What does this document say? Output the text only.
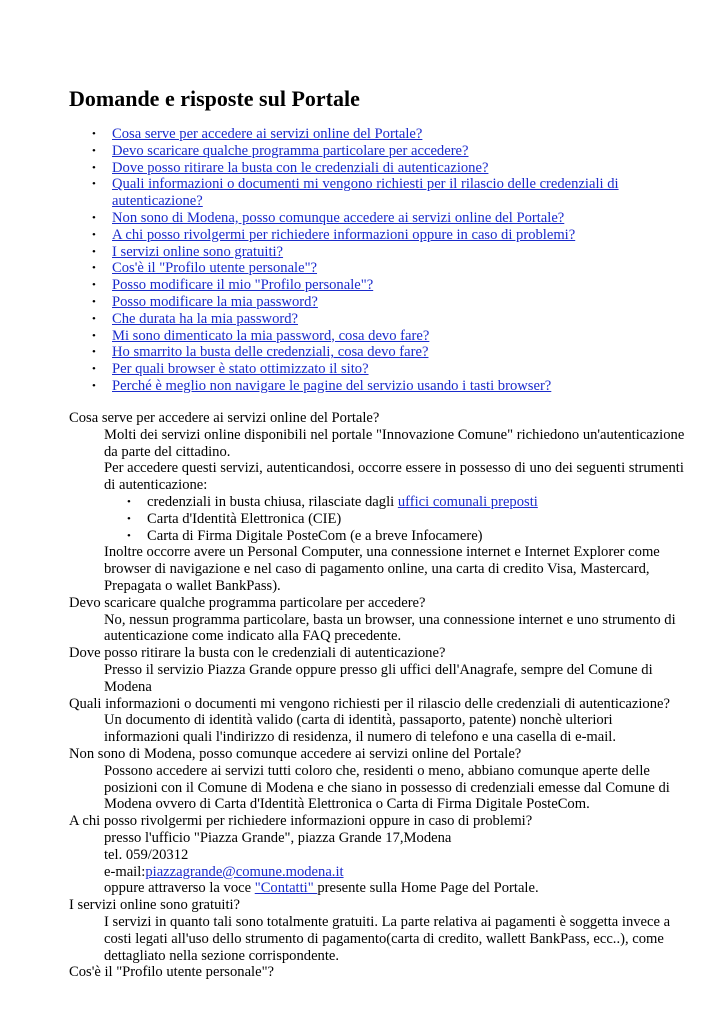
Domande e risposte sul Portale
• Cosa serve per accedere ai servizi online del Portale?
• Devo scaricare qualche programma particolare per accedere?
• Dove posso ritirare la busta con le credenziali di autenticazione?
• Quali informazioni o documenti mi vengono richiesti per il rilascio delle credenziali di autenticazione?
• Non sono di Modena, posso comunque accedere ai servizi online del Portale?
• A chi posso rivolgermi per richiedere informazioni oppure in caso di problemi?
• I servizi online sono gratuiti?
• Cos'è il "Profilo utente personale"?
• Posso modificare il mio "Profilo personale"?
• Posso modificare la mia password?
• Che durata ha la mia password?
• Mi sono dimenticato la mia password, cosa devo fare?
• Ho smarrito la busta delle credenziali, cosa devo fare?
• Per quali browser è stato ottimizzato il sito?
• Perché è meglio non navigare le pagine del servizio usando i tasti browser?
Cosa serve per accedere ai servizi online del Portale?
Molti dei servizi online disponibili nel portale "Innovazione Comune" richiedono un'autenticazione da parte del cittadino.
Per accedere questi servizi, autenticandosi, occorre essere in possesso di uno dei seguenti strumenti di autenticazione:
• credenziali in busta chiusa, rilasciate dagli uffici comunali preposti
• Carta d'Identità Elettronica (CIE)
• Carta di Firma Digitale PosteCom (e a breve Infocamere)
Inoltre occorre avere un Personal Computer, una connessione internet e Internet Explorer come browser di navigazione e nel caso di pagamento online, una carta di credito Visa, Mastercard, Prepagata o wallet BankPass).
Devo scaricare qualche programma particolare per accedere?
No, nessun programma particolare, basta un browser, una connessione internet e uno strumento di autenticazione come indicato alla FAQ precedente.
Dove posso ritirare la busta con le credenziali di autenticazione?
Presso il servizio Piazza Grande oppure presso gli uffici dell'Anagrafe, sempre del Comune di Modena
Quali informazioni o documenti mi vengono richiesti per il rilascio delle credenziali di autenticazione?
Un documento di identità valido (carta di identità, passaporto, patente) nonchè ulteriori informazioni quali l'indirizzo di residenza, il numero di telefono e una casella di e-mail.
Non sono di Modena, posso comunque accedere ai servizi online del Portale?
Possono accedere ai servizi tutti coloro che, residenti o meno, abbiano comunque aperte delle posizioni con il Comune di Modena e che siano in possesso di credenziali emesse dal Comune di Modena ovvero di Carta d'Identità Elettronica o Carta di Firma Digitale PosteCom.
A chi posso rivolgermi per richiedere informazioni oppure in caso di problemi?
presso l'ufficio "Piazza Grande", piazza Grande 17,Modena
tel. 059/20312
e-mail:piazzagrande@comune.modena.it
oppure attraverso la voce "Contatti" presente sulla Home Page del Portale.
I servizi online sono gratuiti?
I servizi in quanto tali sono totalmente gratuiti. La parte relativa ai pagamenti è soggetta invece a costi legati all'uso dello strumento di pagamento(carta di credito, wallett BankPass, ecc..), come dettagliato nella sezione corrispondente.
Cos'è il "Profilo utente personale"?
